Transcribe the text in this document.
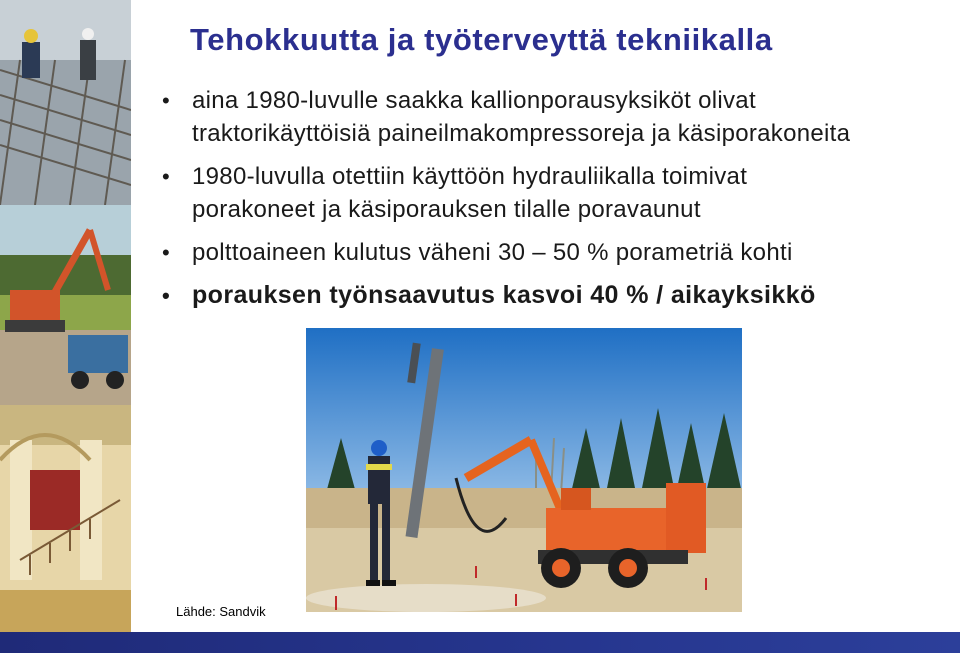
Tehokkuutta ja työterveyttä tekniikalla
• aina 1980-luvulle saakka kallionporausyksiköt olivat
traktorikäyttöisiä paineilmakompressoreja ja käsiporakoneita
• 1980-luvulla otettiin käyttöön hydrauliikalla toimivat
porakoneet ja käsiporauksen tilalle poravaunut
• polttoaineen kulutus väheni 30 – 50 % porametriä kohti
• porauksen työnsaavutus kasvoi 40 % / aikayksikkö
Lähde: Sandvik
